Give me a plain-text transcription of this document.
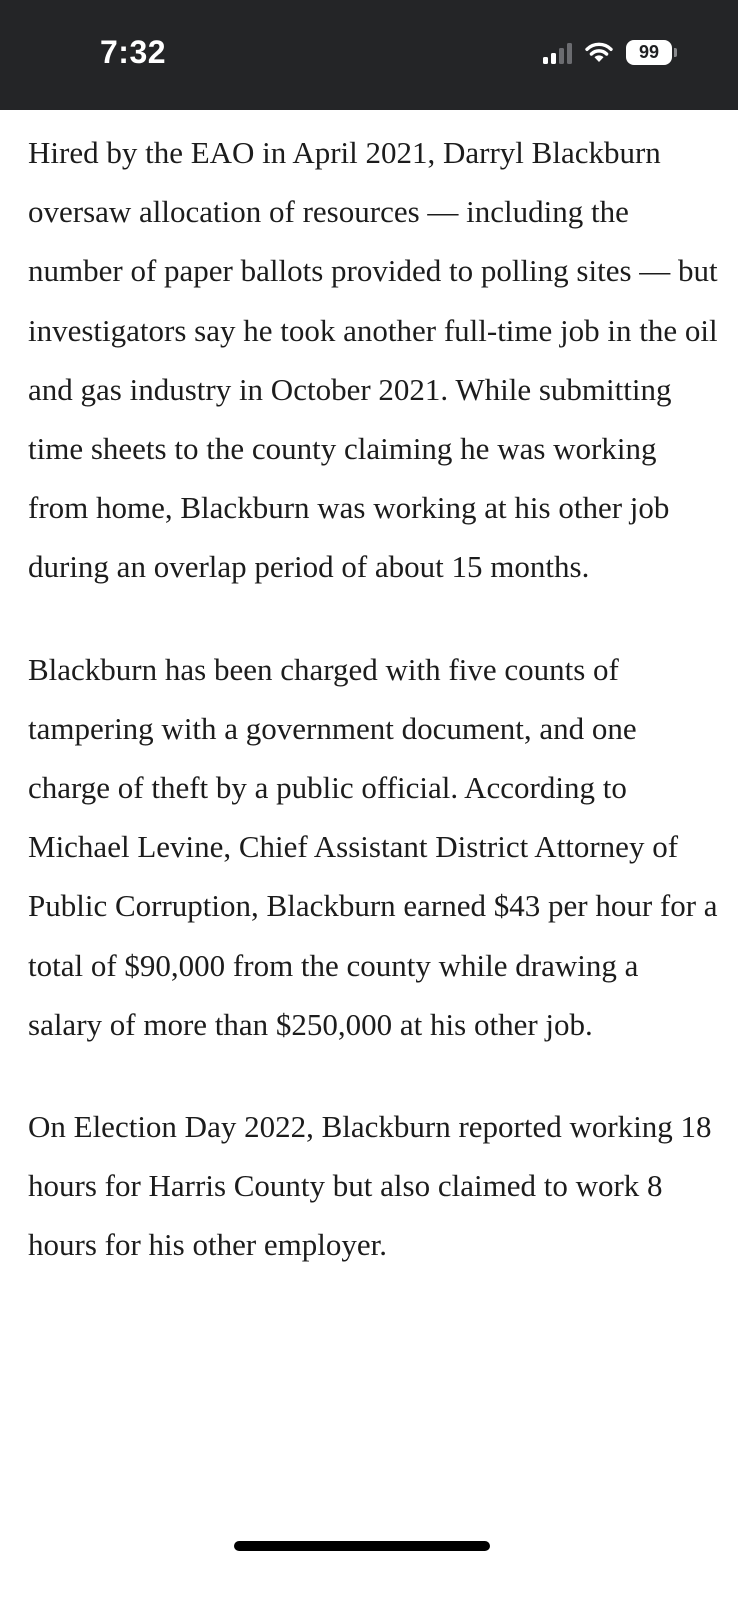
7:32	99

Hired by the EAO in April 2021, Darryl Blackburn oversaw allocation of resources — including the number of paper ballots provided to polling sites — but investigators say he took another full-time job in the oil and gas industry in October 2021. While submitting time sheets to the county claiming he was working from home, Blackburn was working at his other job during an overlap period of about 15 months.

Blackburn has been charged with five counts of tampering with a government document, and one charge of theft by a public official. According to Michael Levine, Chief Assistant District Attorney of Public Corruption, Blackburn earned $43 per hour for a total of $90,000 from the county while drawing a salary of more than $250,000 at his other job.

On Election Day 2022, Blackburn reported working 18 hours for Harris County but also claimed to work 8 hours for his other employer.
